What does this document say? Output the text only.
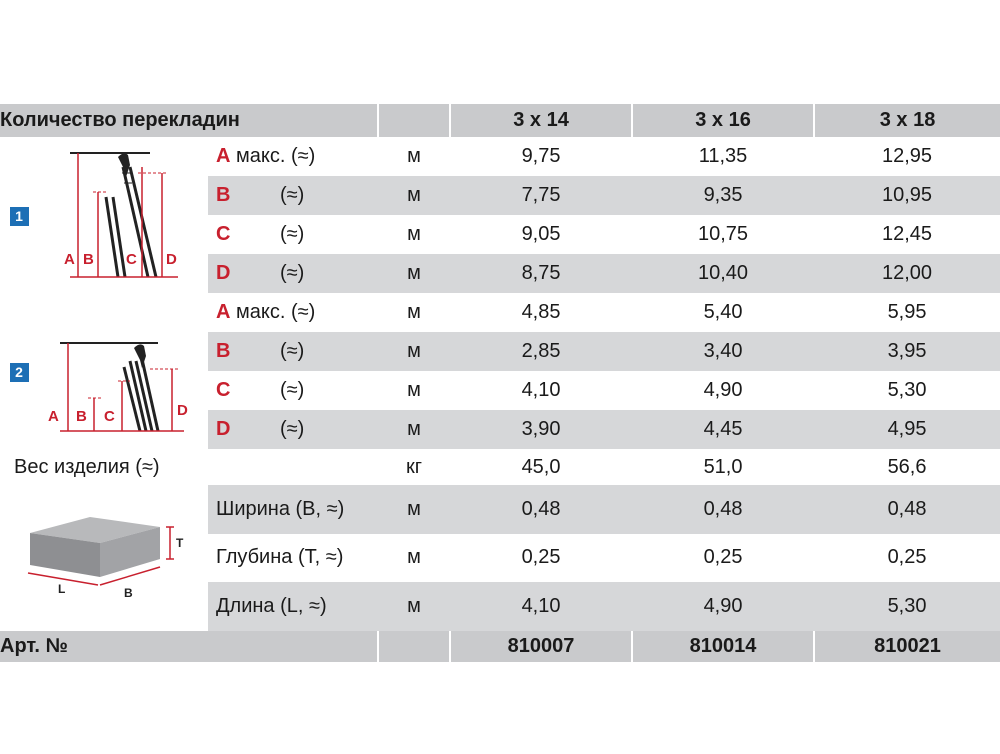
Количество перекладин				3 x 14	3 x 16	3 x 18
1	A B C D	A макс. (≈)	м	9,75	11,35	12,95
		B (≈)	м	7,75	9,35	10,95
		C (≈)	м	9,05	10,75	12,45
		D (≈)	м	8,75	10,40	12,00
2	A B C D	A макс. (≈)	м	4,85	5,40	5,95
		B (≈)	м	2,85	3,40	3,95
		C (≈)	м	4,10	4,90	5,30
		D (≈)	м	3,90	4,45	4,95
Вес изделия (≈)			кг	45,0	51,0	56,6

T
L B		Ширина (B, ≈)	м	0,48	0,48	0,48
		Глубина (T, ≈)	м	0,25	0,25	0,25
		Длина (L, ≈)	м	4,10	4,90	5,30
Арт. №				810007	810014	810021
